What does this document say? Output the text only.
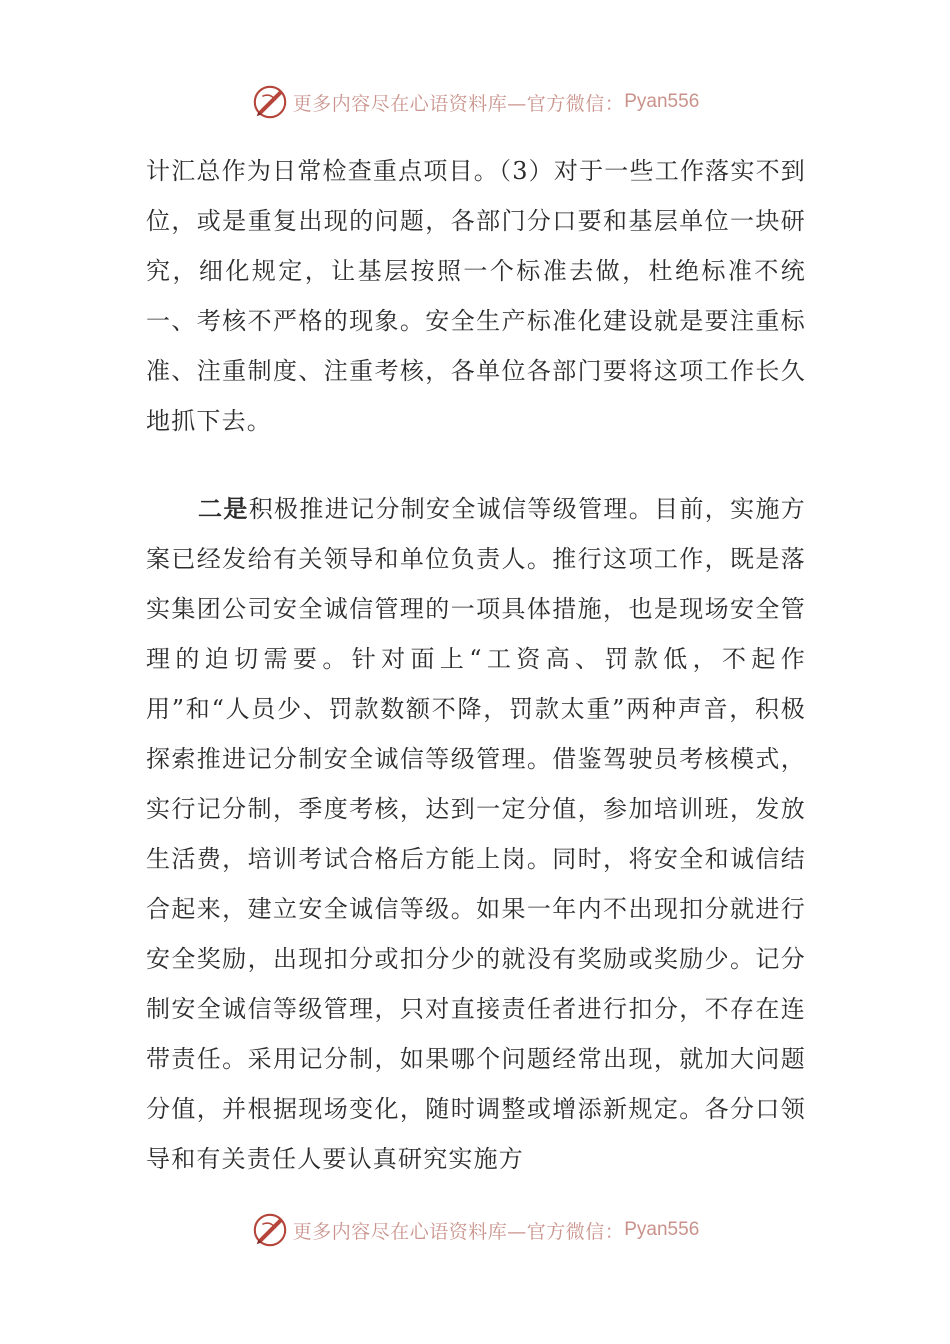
更多内容尽在心语资料库—官方微信： Pyan556

计汇总作为日常检查重点项目。（3）对于一些工作落实不到位，或是重复出现的问题，各部门分口要和基层单位一块研究，细化规定，让基层按照一个标准去做，杜绝标准不统一、考核不严格的现象。安全生产标准化建设就是要注重标准、注重制度、注重考核，各单位各部门要将这项工作长久地抓下去。

二是积极推进记分制安全诚信等级管理。目前，实施方案已经发给有关领导和单位负责人。推行这项工作，既是落实集团公司安全诚信管理的一项具体措施，也是现场安全管理的迫切需要。针对面上“工资高、罚款低，不起作用”和“人员少、罚款数额不降，罚款太重”两种声音，积极探索推进记分制安全诚信等级管理。借鉴驾驶员考核模式，实行记分制，季度考核，达到一定分值，参加培训班，发放生活费，培训考试合格后方能上岗。同时，将安全和诚信结合起来，建立安全诚信等级。如果一年内不出现扣分就进行安全奖励，出现扣分或扣分少的就没有奖励或奖励少。记分制安全诚信等级管理，只对直接责任者进行扣分，不存在连带责任。采用记分制，如果哪个问题经常出现，就加大问题分值，并根据现场变化，随时调整或增添新规定。各分口领导和有关责任人要认真研究实施方

更多内容尽在心语资料库—官方微信： Pyan556
